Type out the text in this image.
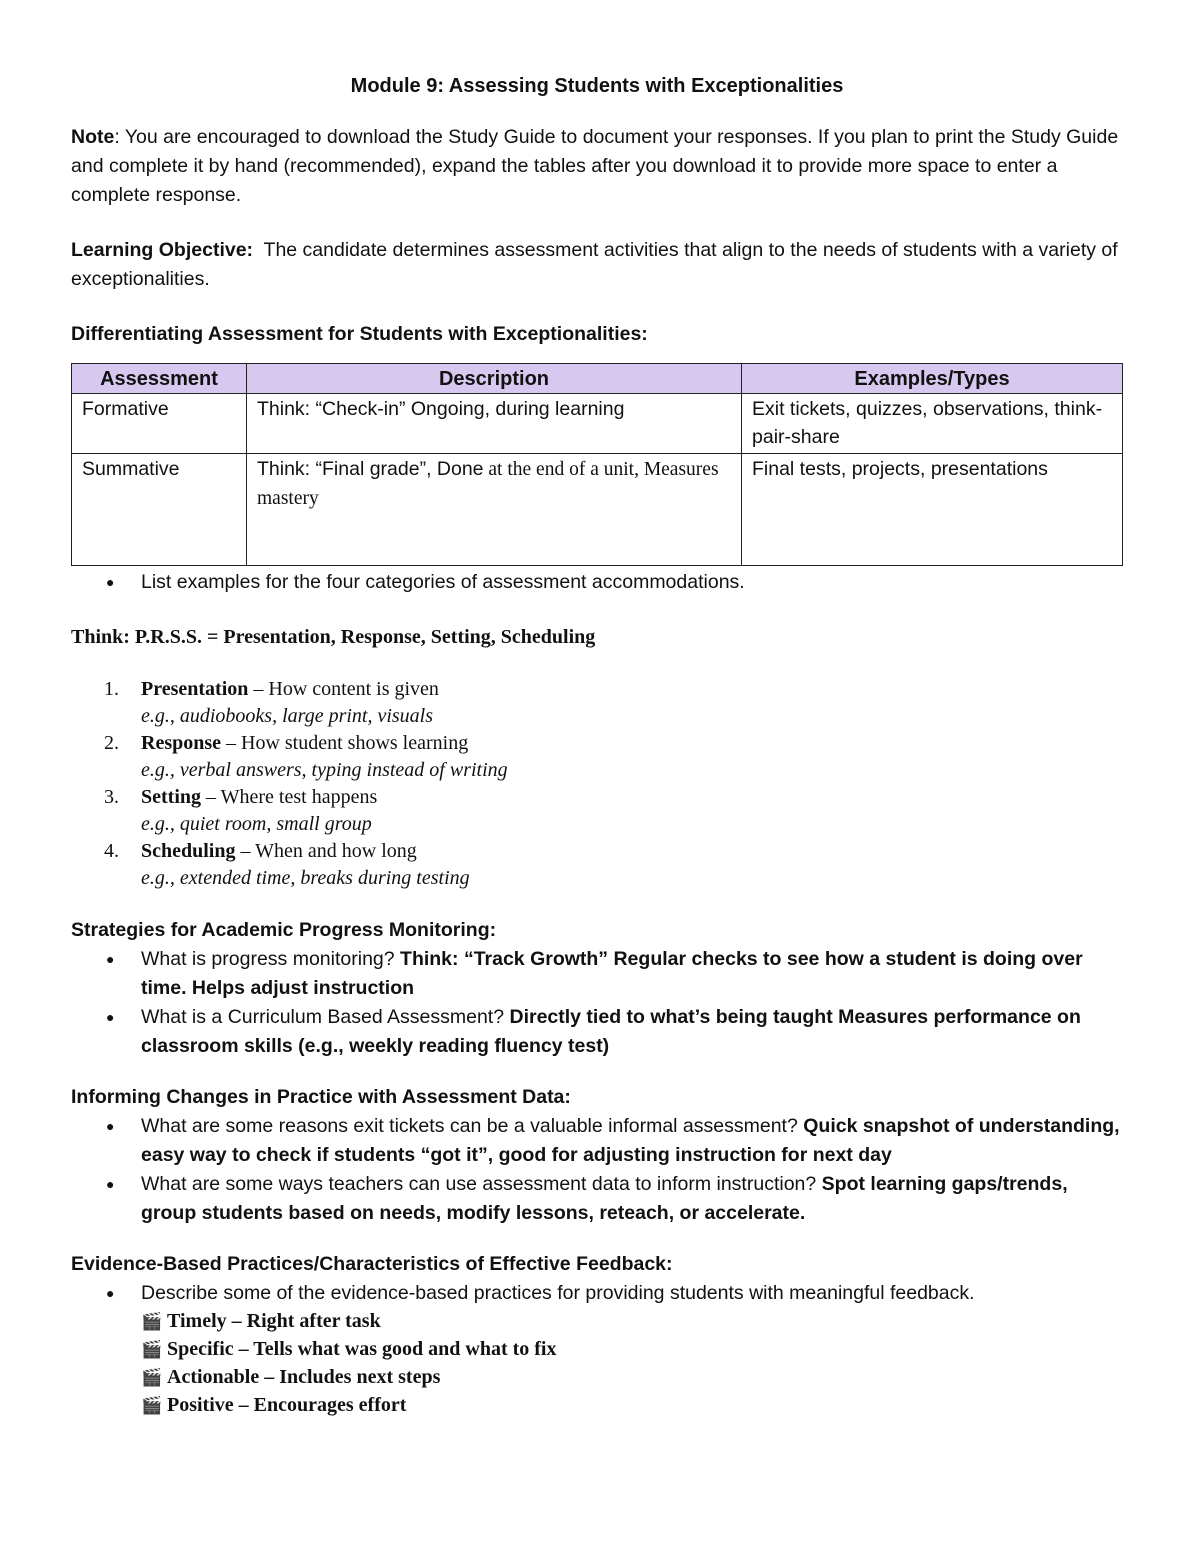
Module 9: Assessing Students with Exceptionalities

Note: You are encouraged to download the Study Guide to document your responses. If you plan to print the Study Guide and complete it by hand (recommended), expand the tables after you download it to provide more space to enter a complete response.

Learning Objective:  The candidate determines assessment activities that align to the needs of students with a variety of exceptionalities.

Differentiating Assessment for Students with Exceptionalities:
Assessment	Description	Examples/Types
Formative	Think: “Check-in” Ongoing, during learning	Exit tickets, quizzes, observations, think-pair-share
Summative	Think: “Final grade”, Done at the end of a unit, Measures mastery	Final tests, projects, presentations
● List examples for the four categories of assessment accommodations.

Think: P.R.S.S. = Presentation, Response, Setting, Scheduling

1. Presentation – How content is given
e.g., audiobooks, large print, visuals
2. Response – How student shows learning
e.g., verbal answers, typing instead of writing
3. Setting – Where test happens
e.g., quiet room, small group
4. Scheduling – When and how long
e.g., extended time, breaks during testing
Strategies for Academic Progress Monitoring:
● What is progress monitoring? Think: “Track Growth” Regular checks to see how a student is doing over time. Helps adjust instruction
● What is a Curriculum Based Assessment? Directly tied to what’s being taught Measures performance on classroom skills (e.g., weekly reading fluency test)
Informing Changes in Practice with Assessment Data:
● What are some reasons exit tickets can be a valuable informal assessment? Quick snapshot of understanding, easy way to check if students “got it”, good for adjusting instruction for next day
● What are some ways teachers can use assessment data to inform instruction? Spot learning gaps/trends, group students based on needs, modify lessons, reteach, or accelerate.
Evidence-Based Practices/Characteristics of Effective Feedback:
● Describe some of the evidence-based practices for providing students with meaningful feedback.
🎬 Timely – Right after task
🎬 Specific – Tells what was good and what to fix
🎬 Actionable – Includes next steps
🎬 Positive – Encourages effort
